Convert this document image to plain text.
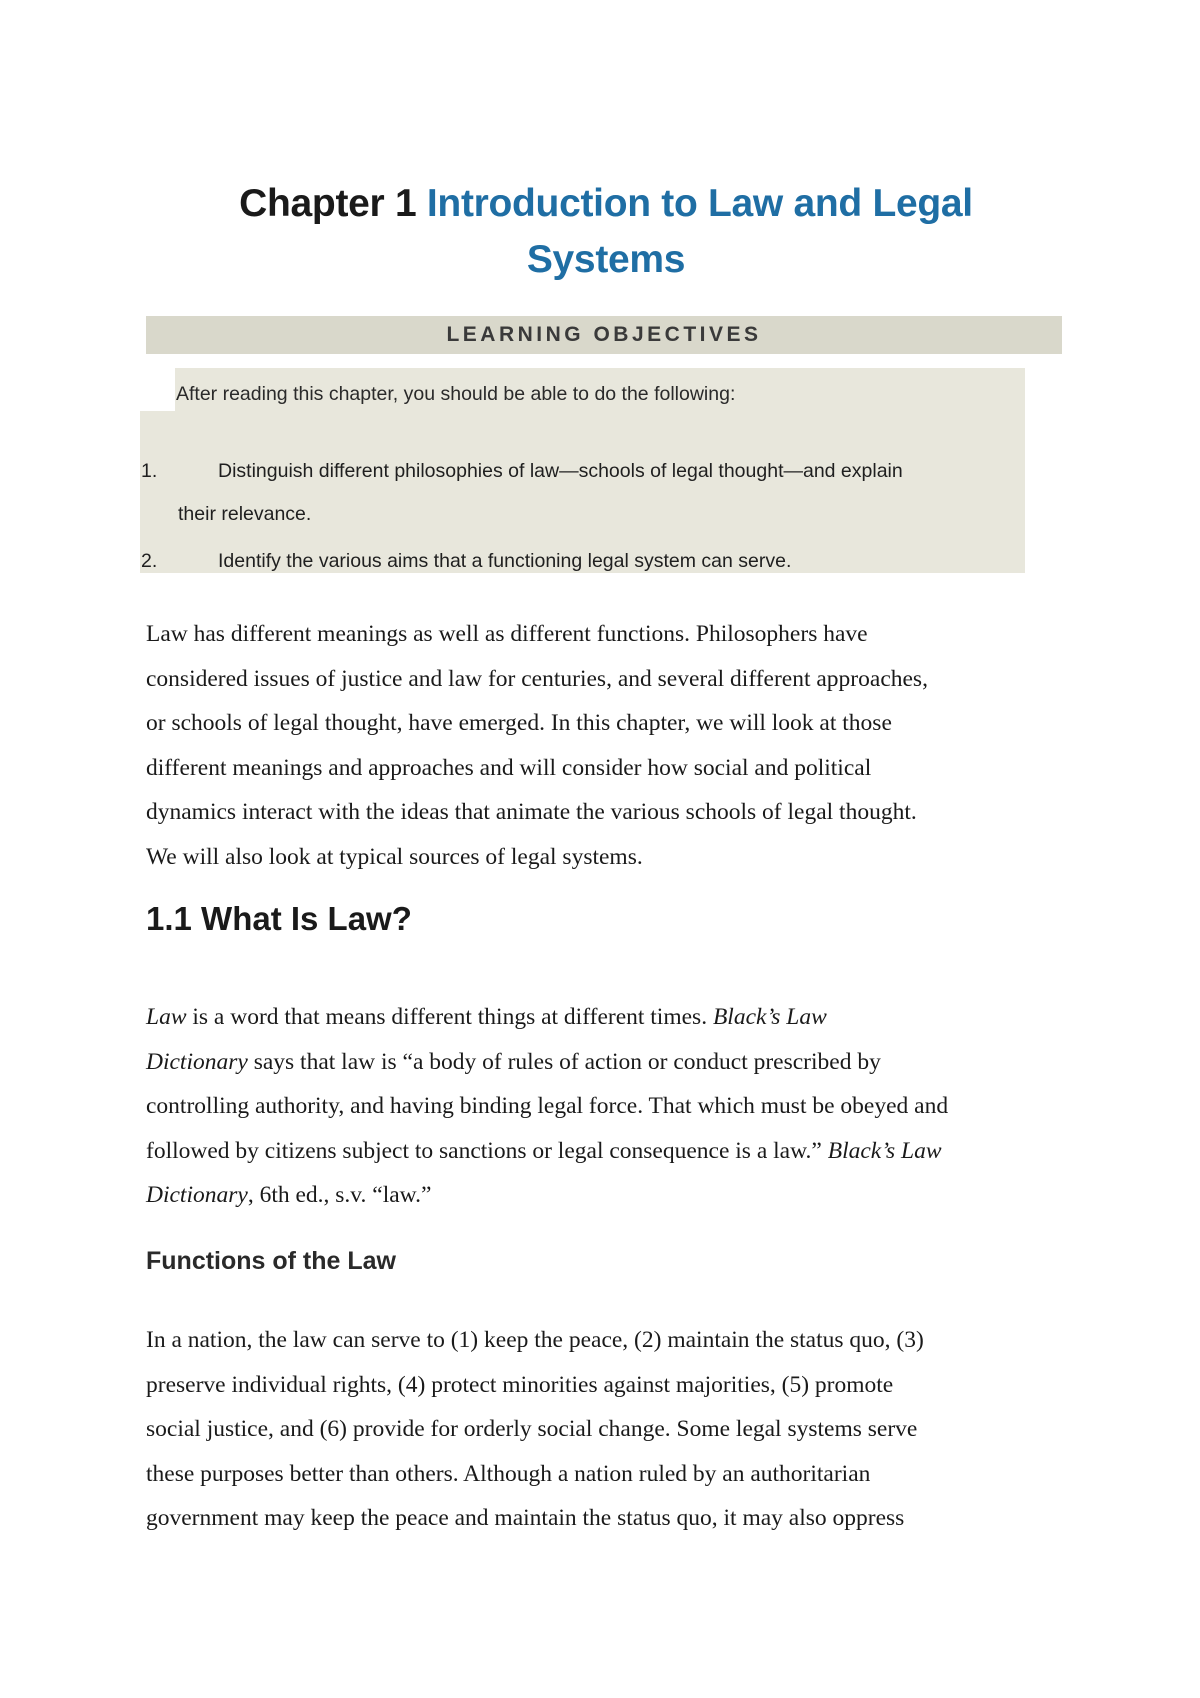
Chapter 1 Introduction to Law and Legal
Systems
LEARNING OBJECTIVES
After reading this chapter, you should be able to do the following:
1.	Distinguish different philosophies of law—schools of legal thought—and explain
their relevance.
2.	Identify the various aims that a functioning legal system can serve.
Law has different meanings as well as different functions. Philosophers have
considered issues of justice and law for centuries, and several different approaches,
or schools of legal thought, have emerged. In this chapter, we will look at those
different meanings and approaches and will consider how social and political
dynamics interact with the ideas that animate the various schools of legal thought.
We will also look at typical sources of legal systems.
1.1 What Is Law?
Law is a word that means different things at different times. Black’s Law
Dictionary says that law is “a body of rules of action or conduct prescribed by
controlling authority, and having binding legal force. That which must be obeyed and
followed by citizens subject to sanctions or legal consequence is a law.” Black’s Law
Dictionary, 6th ed., s.v. “law.”
Functions of the Law
In a nation, the law can serve to (1) keep the peace, (2) maintain the status quo, (3)
preserve individual rights, (4) protect minorities against majorities, (5) promote
social justice, and (6) provide for orderly social change. Some legal systems serve
these purposes better than others. Although a nation ruled by an authoritarian
government may keep the peace and maintain the status quo, it may also oppress
